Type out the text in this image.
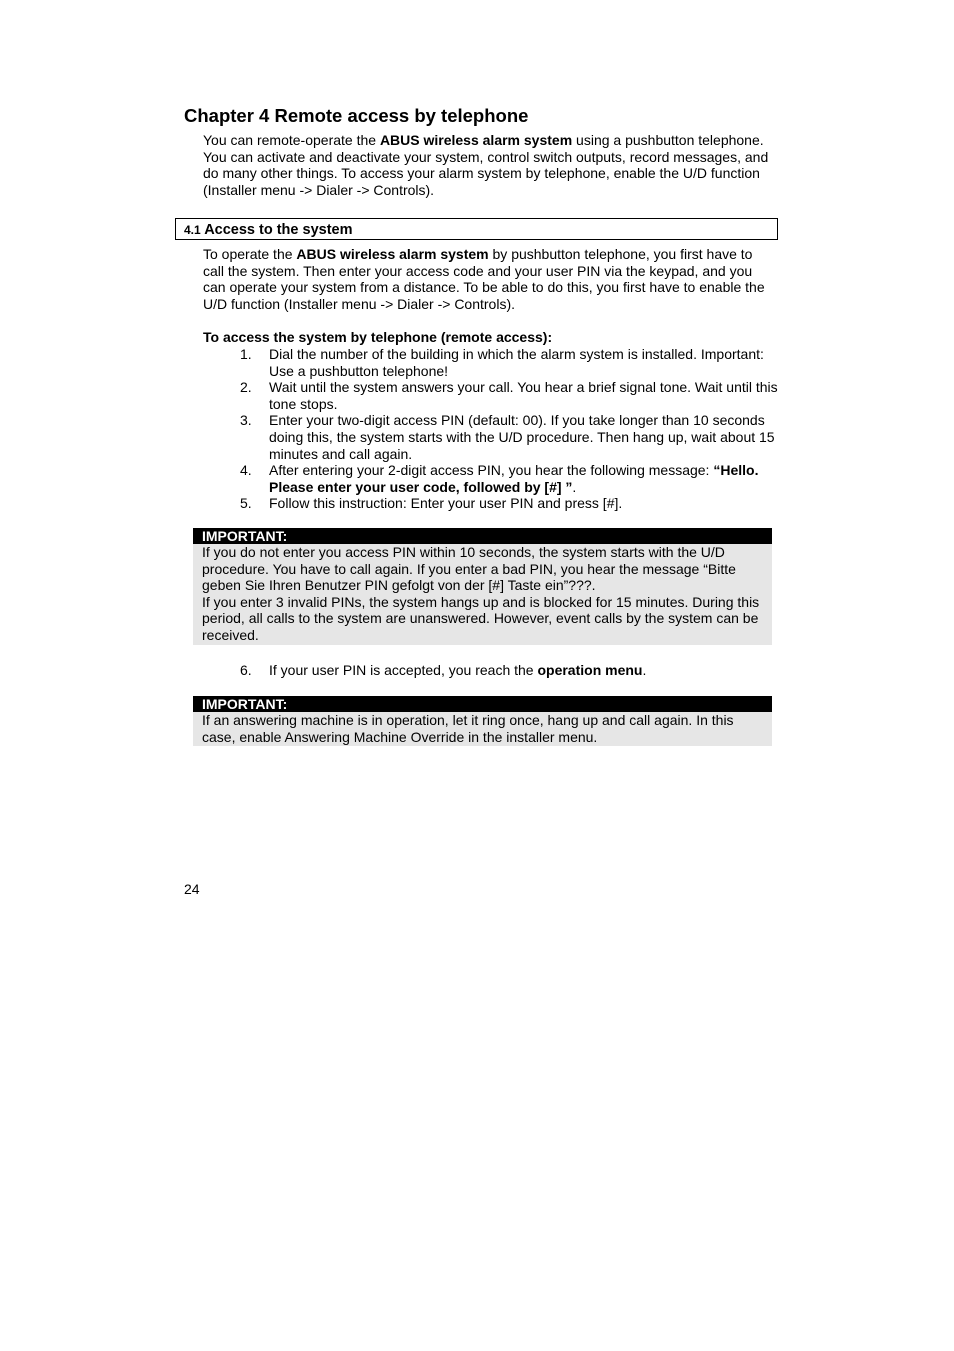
Chapter 4 Remote access by telephone

You can remote-operate the ABUS wireless alarm system using a pushbutton telephone. You can activate and deactivate your system, control switch outputs, record messages, and do many other things. To access your alarm system by telephone, enable the U/D function (Installer menu -> Dialer -> Controls).

4.1 Access to the system

To operate the ABUS wireless alarm system by pushbutton telephone, you first have to call the system. Then enter your access code and your user PIN via the keypad, and you can operate your system from a distance. To be able to do this, you first have to enable the U/D function (Installer menu -> Dialer -> Controls).

To access the system by telephone (remote access):

1. Dial the number of the building in which the alarm system is installed. Important: Use a pushbutton telephone!
2. Wait until the system answers your call. You hear a brief signal tone. Wait until this tone stops.
3. Enter your two-digit access PIN (default: 00). If you take longer than 10 seconds doing this, the system starts with the U/D procedure. Then hang up, wait about 15 minutes and call again.
4. After entering your 2-digit access PIN, you hear the following message: “Hello. Please enter your user code, followed by [#] ”.
5. Follow this instruction: Enter your user PIN and press [#].
IMPORTANT:
If you do not enter you access PIN within 10 seconds, the system starts with the U/D procedure. You have to call again. If you enter a bad PIN, you hear the message “Bitte geben Sie Ihren Benutzer PIN gefolgt von der [#] Taste ein”???.
If you enter 3 invalid PINs, the system hangs up and is blocked for 15 minutes. During this period, all calls to the system are unanswered. However, event calls by the system can be received.
6. If your user PIN is accepted, you reach the operation menu.
IMPORTANT:
If an answering machine is in operation, let it ring once, hang up and call again. In this case, enable Answering Machine Override in the installer menu.

24
